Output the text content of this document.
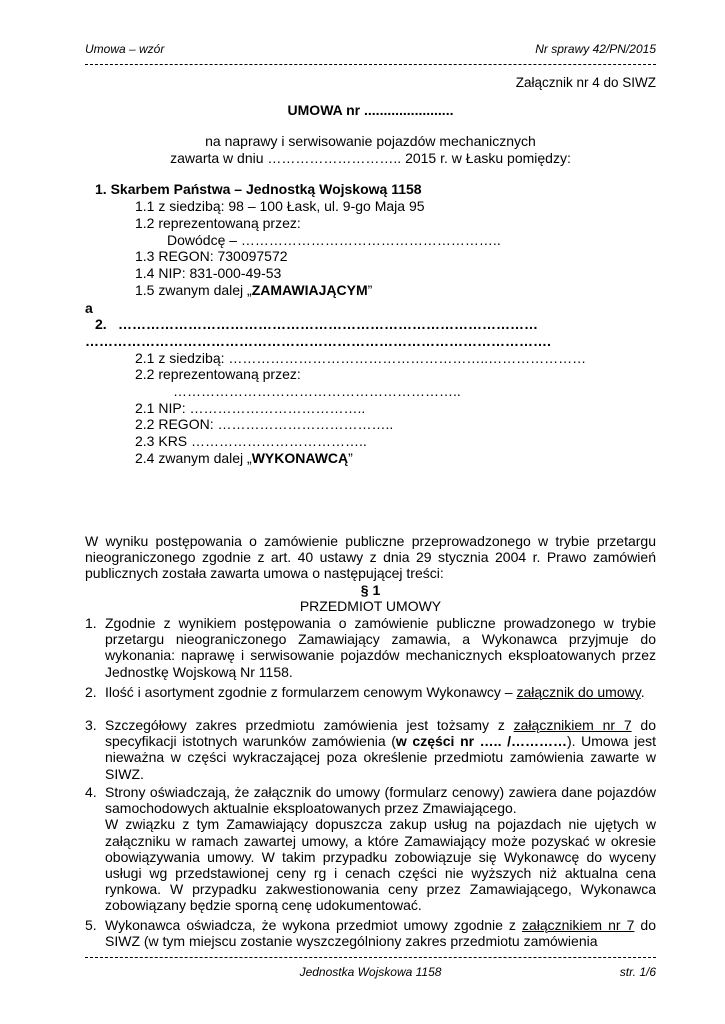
Umowa – wzór	Nr sprawy 42/PN/2015
Załącznik nr 4 do SIWZ
UMOWA nr .......................
na naprawy i serwisowanie pojazdów mechanicznych
zawarta w dniu ……………………….. 2015 r. w Łasku pomiędzy:
1. Skarbem Państwa – Jednostką Wojskową 1158
1.1 z siedzibą: 98 – 100 Łask, ul. 9-go Maja 95
1.2 reprezentowaną przez:
Dowódcę – ………………………………………………..
1.3 REGON: 730097572
1.4 NIP: 831-000-49-53
1.5 zwanym dalej „ZAMAWIAJĄCYM”
a
2. ………………………………………………………………………………
……………………………………………………………………………………….
2.1 z siedzibą: ………………………………………………..…………………
2.2 reprezentowaną przez:
……………………………………………………..
2.1 NIP: ………………………………..
2.2 REGON: ………………………………..
2.3 KRS ………………………………..
2.4 zwanym dalej „WYKONAWCĄ”
W wyniku postępowania o zamówienie publiczne przeprowadzonego w trybie przetargu nieograniczonego zgodnie z art. 40 ustawy z dnia 29 stycznia 2004 r. Prawo zamówień publicznych została zawarta umowa o następującej treści:
§ 1
PRZEDMIOT UMOWY
1. Zgodnie z wynikiem postępowania o zamówienie publiczne prowadzonego w trybie przetargu nieograniczonego Zamawiający zamawia, a Wykonawca przyjmuje do wykonania: naprawę i serwisowanie pojazdów mechanicznych eksploatowanych przez Jednostkę Wojskową Nr 1158.
2. Ilość i asortyment zgodnie z formularzem cenowym Wykonawcy – załącznik do umowy.
3. Szczegółowy zakres przedmiotu zamówienia jest tożsamy z załącznikiem nr 7 do specyfikacji istotnych warunków zamówienia (w części nr ….. /…………). Umowa jest nieważna w części wykraczającej poza określenie przedmiotu zamówienia zawarte w SIWZ.
4. Strony oświadczają, że załącznik do umowy (formularz cenowy) zawiera dane pojazdów samochodowych aktualnie eksploatowanych przez Zmawiającego.
W związku z tym Zamawiający dopuszcza zakup usług na pojazdach nie ujętych w załączniku w ramach zawartej umowy, a które Zamawiający może pozyskać w okresie obowiązywania umowy. W takim przypadku zobowiązuje się Wykonawcę do wyceny usługi wg przedstawionej ceny rg i cenach części nie wyższych niż aktualna cena rynkowa. W przypadku zakwestionowania ceny przez Zamawiającego, Wykonawca zobowiązany będzie sporną cenę udokumentować.
5. Wykonawca oświadcza, że wykona przedmiot umowy zgodnie z załącznikiem nr 7 do SIWZ (w tym miejscu zostanie wyszczególniony zakres przedmiotu zamówienia
Jednostka Wojskowa 1158	str. 1/6
